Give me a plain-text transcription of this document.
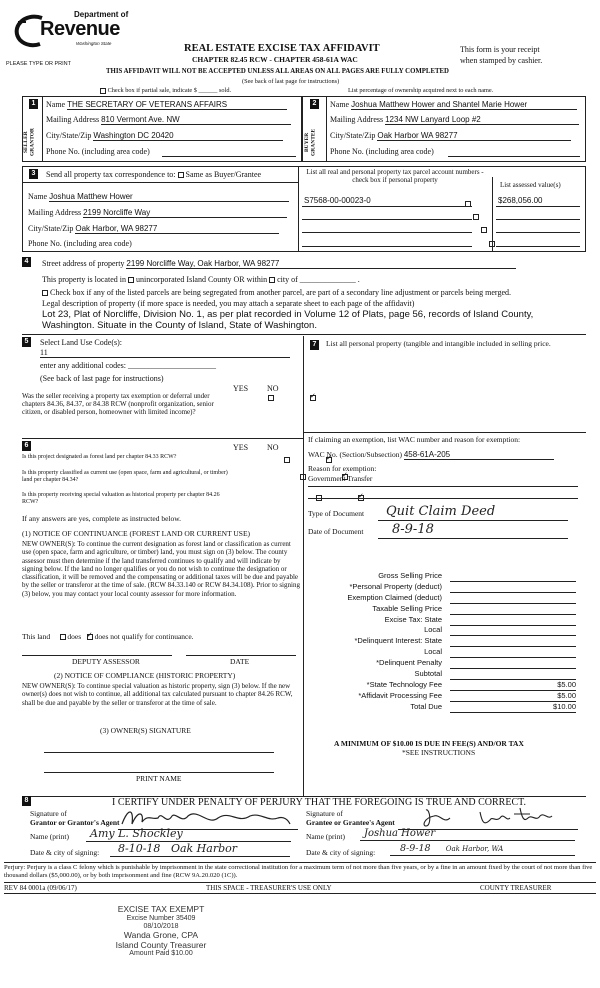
Department of
Revenue
Washington State
PLEASE TYPE OR PRINT
REAL ESTATE EXCISE TAX AFFIDAVIT
CHAPTER 82.45 RCW - CHAPTER 458-61A WAC
This form is your receipt
when stamped by cashier.
THIS AFFIDAVIT WILL NOT BE ACCEPTED UNLESS ALL AREAS ON ALL PAGES ARE FULLY COMPLETED
(See back of last page for instructions)
Check box if partial sale, indicate $ ______ sold.	List percentage of ownership acquired next to each name.
1	2
SELLER GRANTOR	BUYER GRANTEE
Name THE SECRETARY OF VETERANS AFFAIRS
Mailing Address 810 Vermont Ave. NW
City/State/Zip Washington DC 20420
Phone No. (including area code)
Name Joshua Matthew Hower and Shantel Marie Hower
Mailing Address 1234 NW Lanyard Loop #2
City/State/Zip Oak Harbor WA 98277
Phone No. (including area code)
3	Send all property tax correspondence to: Same as Buyer/Grantee
Name Joshua Matthew Hower
Mailing Address 2199 Norcliffe Way
City/State/Zip Oak Harbor, WA 98277
Phone No. (including area code)
List all real and personal property tax parcel account numbers - check box if personal property
List assessed value(s)
S7568-00-00023-0	$268,056.00

4	Street address of property 2199 Norcliffe Way, Oak Harbor, WA 98277
This property is located in unincorporated Island County OR within city of ______________ .
Check box if any of the listed parcels are being segregated from another parcel, are part of a secondary line adjustment or parcels being merged.
Legal description of property (if more space is needed, you may attach a separate sheet to each page of the affidavit)
Lot 23, Plat of Norcliffe, Division No. 1, as per plat recorded in Volume 12 of Plats, page 56, records of Island County, Washington. Situate in the County of Island, State of Washington.
5	Select Land Use Code(s):
11
enter any additional codes: ______________________
(See back of last page for instructions)
YES NO
Was the seller receiving a property tax exemption or deferral under chapters 84.36, 84.37, or 84.38 RCW (nonprofit organization, senior citizen, or disabled person, homeowner with limited income)?
✓
6	YES NO
Is this project designated as forest land per chapter 84.33 RCW?
✓
Is this property classified as current use (open space, farm and agricultural, or timber) land per chapter 84.34?
✓
Is this property receiving special valuation as historical property per chapter 84.26 RCW?
✓
If any answers are yes, complete as instructed below.
(1) NOTICE OF CONTINUANCE (FOREST LAND OR CURRENT USE)
NEW OWNER(S): To continue the current designation as forest land or classification as current use (open space, farm and agriculture, or timber) land, you must sign on (3) below. The county assessor must then determine if the land transferred continues to qualify and will indicate by signing below. If the land no longer qualifies or you do not wish to continue the designation or classification, it will be removed and the compensating or additional taxes will be due and payable by the seller or transferor at the time of sale. (RCW 84.33.140 or RCW 84.34.108). Prior to signing (3) below, you may contact your local county assessor for more information.
This land does   ✓ does not qualify for continuance.
DEPUTY ASSESSOR	DATE
(2) NOTICE OF COMPLIANCE (HISTORIC PROPERTY)
NEW OWNER(S): To continue special valuation as historic property, sign (3) below. If the new owner(s) does not wish to continue, all additional tax calculated pursuant to chapter 84.26 RCW, shall be due and payable by the seller or transferor at the time of sale.
(3) OWNER(S) SIGNATURE
PRINT NAME
7	List all personal property (tangible and intangible included in selling price.
If claiming an exemption, list WAC number and reason for exemption:
WAC No. (Section/Subsection) 458-61A-205
Reason for exemption:
Government Transfer
Type of Document	Quit Claim Deed
Date of Document	8-9-18
Gross Selling Price
*Personal Property (deduct)
Exemption Claimed (deduct)
Taxable Selling Price
Excise Tax: State
Local
*Delinquent Interest: State
Local
*Delinquent Penalty
Subtotal
*State Technology Fee	$5.00
*Affidavit Processing Fee	$5.00
Total Due	$10.00
A MINIMUM OF $10.00 IS DUE IN FEE(S) AND/OR TAX
*SEE INSTRUCTIONS
8	I CERTIFY UNDER PENALTY OF PERJURY THAT THE FOREGOING IS TRUE AND CORRECT.
Signature of
Grantor or Grantor's Agent
Name (print)	Amy L. Shockley
Date & city of signing:	8-10-18 Oak Harbor
Signature of
Grantee or Grantee's Agent
Name (print)	Joshua Hower
Date & city of signing:	8-9-18 Oak Harbor, WA
Perjury: Perjury is a class C felony which is punishable by imprisonment in the state correctional institution for a maximum term of not more than five years, or by a fine in an amount fixed by the court of not more than five thousand dollars ($5,000.00), or by both imprisonment and fine (RCW 9A.20.020 (1C)).
REV 84 0001a (09/06/17)	THIS SPACE - TREASURER'S USE ONLY	COUNTY TREASURER
EXCISE TAX EXEMPT
Excise Number 35409
08/10/2018
Wanda Grone, CPA
Island County Treasurer
Amount Paid $10.00
